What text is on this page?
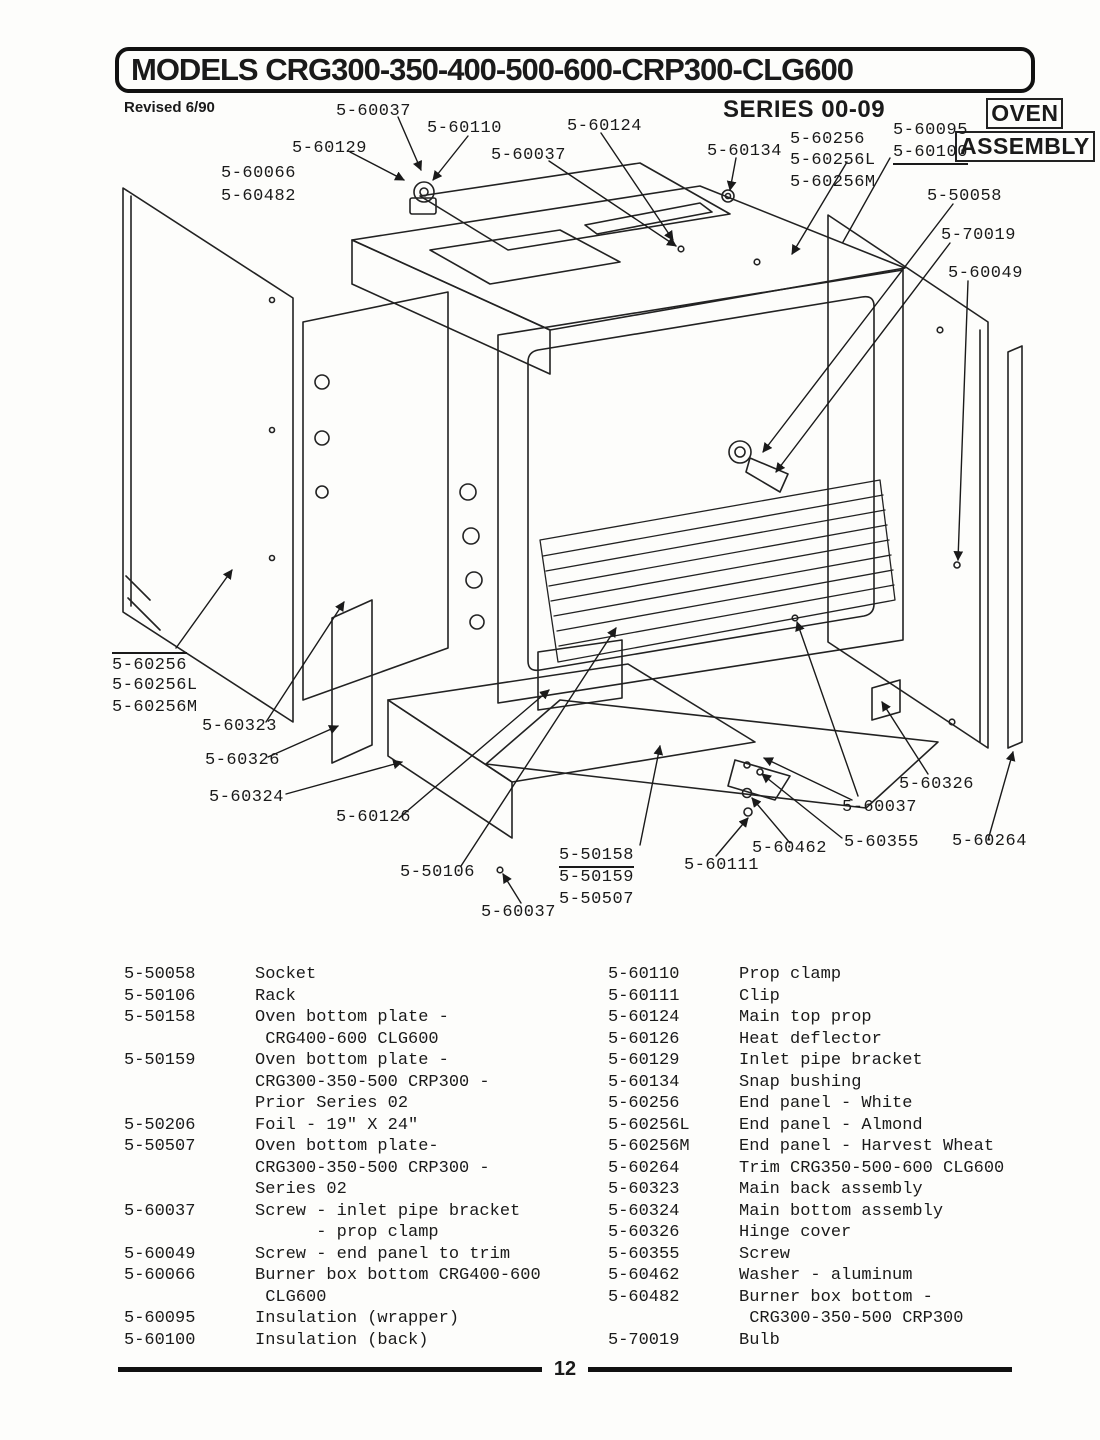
MODELS CRG300-350-400-500-600-CRP300-CLG600
Revised 6/90	SERIES 00-09	OVEN
ASSEMBLY
5-60037
5-60110	5-60124
5-60129	5-60037	5-60134
5-60256
5-60256L
5-60256M
5-60095
5-60100
5-60066
5-60482	5-50058
5-70019
5-60049
5-60256
5-60256L
5-60256M
5-60323
5-60326
5-60324
5-60126
5-60326
5-60037
5-60462 5-60355 5-60264
5-50106
5-50158
5-50159
5-50507
5-60111
5-60037
5-50058	Socket
5-50106	Rack
5-50158	Oven bottom plate -
CRG400-600 CLG600
5-50159	Oven bottom plate -
CRG300-350-500 CRP300 -
Prior Series 02
5-50206	Foil - 19" X 24"
5-50507	Oven bottom plate-
CRG300-350-500 CRP300 -
Series 02
5-60037	Screw - inlet pipe bracket
- prop clamp
5-60049	Screw - end panel to trim
5-60066	Burner box bottom CRG400-600
CLG600
5-60095	Insulation (wrapper)
5-60100	Insulation (back)
5-60110	Prop clamp
5-60111	Clip
5-60124	Main top prop
5-60126	Heat deflector
5-60129	Inlet pipe bracket
5-60134	Snap bushing
5-60256	End panel - White
5-60256L	End panel - Almond
5-60256M	End panel - Harvest Wheat
5-60264	Trim CRG350-500-600 CLG600
5-60323	Main back assembly
5-60324	Main bottom assembly
5-60326	Hinge cover
5-60355	Screw
5-60462	Washer - aluminum
5-60482	Burner box bottom -
CRG300-350-500 CRP300
5-70019	Bulb
12
